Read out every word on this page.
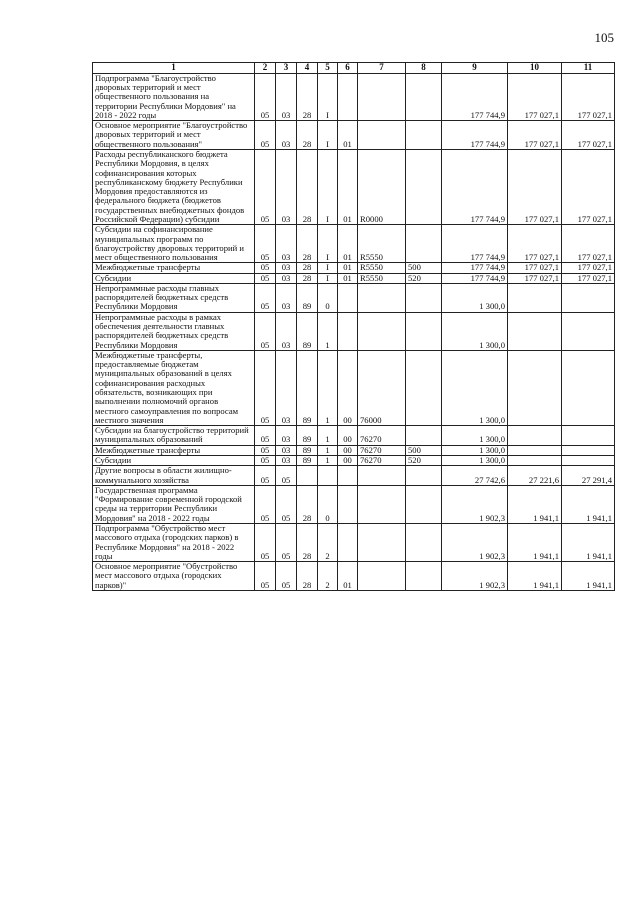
105
1	2	3	4	5	6	7	8	9	10	11
Подпрограмма "Благоустройство дворовых территорий и мест общественного пользования на территории Республики Мордовия" на 2018 - 2022 годы	05	03	28	I				177 744,9	177 027,1	177 027,1
Основное мероприятие "Благоустройство дворовых территорий и мест общественного пользования"	05	03	28	I	01			177 744,9	177 027,1	177 027,1
Расходы республиканского бюджета Республики Мордовия, в целях софинансирования которых республиканскому бюджету Республики Мордовия предоставляются из федерального бюджета (бюджетов государственных внебюджетных фондов Российской Федерации) субсидии	05	03	28	I	01	R0000		177 744,9	177 027,1	177 027,1
Субсидии на софинансирование муниципальных программ по благоустройству дворовых территорий и мест общественного пользования	05	03	28	I	01	R5550		177 744,9	177 027,1	177 027,1
Межбюджетные трансферты	05	03	28	I	01	R5550	500	177 744,9	177 027,1	177 027,1
Субсидии	05	03	28	I	01	R5550	520	177 744,9	177 027,1	177 027,1
Непрограммные расходы главных распорядителей бюджетных средств Республики Мордовия	05	03	89	0				1 300,0		
Непрограммные расходы в рамках обеспечения деятельности главных распорядителей бюджетных средств Республики Мордовия	05	03	89	1				1 300,0		
Межбюджетные трансферты, предоставляемые бюджетам муниципальных образований в целях софинансирования расходных обязательств, возникающих при выполнении полномочий органов местного самоуправления по вопросам местного значения	05	03	89	1	00	76000		1 300,0		
Субсидии на благоустройство территорий муниципальных образований	05	03	89	1	00	76270		1 300,0		
Межбюджетные трансферты	05	03	89	1	00	76270	500	1 300,0		
Субсидии	05	03	89	1	00	76270	520	1 300,0		
Другие вопросы в области жилищно-коммунального хозяйства	05	05						27 742,6	27 221,6	27 291,4
Государственная программа "Формирование современной городской среды на территории Республики Мордовия" на 2018 - 2022 годы	05	05	28	0				1 902,3	1 941,1	1 941,1
Подпрограмма "Обустройство мест массового отдыха (городских парков) в Республике Мордовия" на 2018 - 2022 годы	05	05	28	2				1 902,3	1 941,1	1 941,1
Основное мероприятие "Обустройство мест массового отдыха (городских парков)"	05	05	28	2	01			1 902,3	1 941,1	1 941,1
